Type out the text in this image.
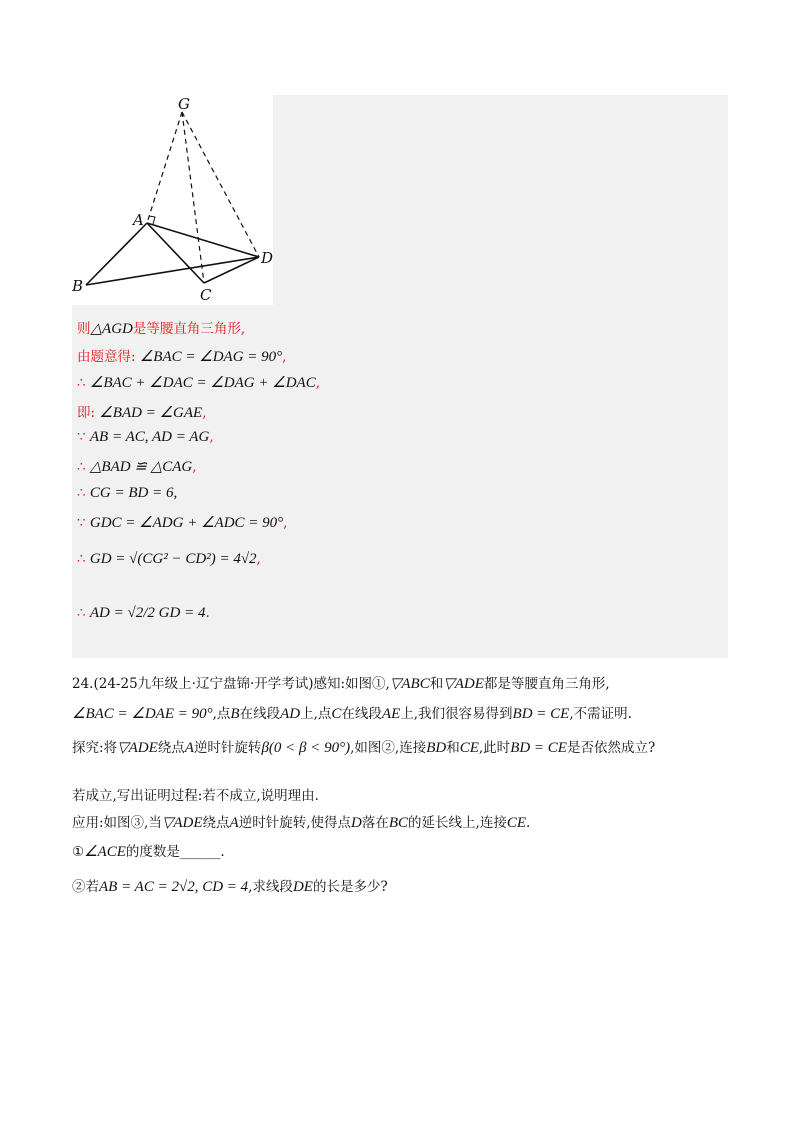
G
A
B	C
D
则△AGD是等腰直角三角形,
由题意得: ∠BAC = ∠DAG = 90°,
∴ ∠BAC + ∠DAC = ∠DAG + ∠DAC,
即: ∠BAD = ∠GAE,
∵ AB = AC, AD = AG,
∴ △BAD ≌ △CAG,
∴ CG = BD = 6,
∵ GDC = ∠ADG + ∠ADC = 90°,
∴ GD = √(CG² − CD²) = 4√2,
∴ AD = √2/2 GD = 4.
24.(24-25九年级上·辽宁盘锦·开学考试)感知:如图①,▽ABC和▽ADE都是等腰直角三角形,
∠BAC = ∠DAE = 90°,点B在线段AD上,点C在线段AE上,我们很容易得到BD = CE,不需证明.
探究:将▽ADE绕点A逆时针旋转β(0 < β < 90°),如图②,连接BD和CE,此时BD = CE是否依然成立?
若成立,写出证明过程:若不成立,说明理由.
应用:如图③,当▽ADE绕点A逆时针旋转,使得点D落在BC的延长线上,连接CE.
①∠ACE的度数是______.
②若AB = AC = 2√2, CD = 4,求线段DE的长是多少?
